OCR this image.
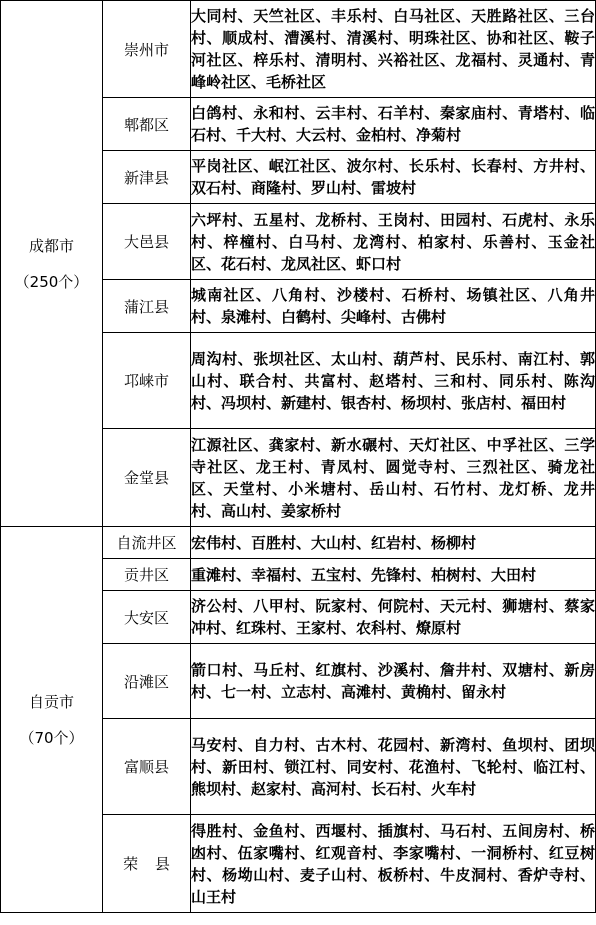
成都市
（250个）	崇州市	大同村、天竺社区、丰乐村、白马社区、天胜路社区、三台村、顺成村、漕溪村、清溪村、明珠社区、协和社区、鞍子河社区、梓乐村、清明村、兴裕社区、龙福村、灵通村、青峰岭社区、毛桥社区
	郫都区	白鸽村、永和村、云丰村、石羊村、秦家庙村、青塔村、临石村、千大村、大云村、金柏村、净菊村
	新津县	平岗社区、岷江社区、波尔村、长乐村、长春村、方井村、双石村、商隆村、罗山村、雷坡村
	大邑县	六坪村、五星村、龙桥村、王岗村、田园村、石虎村、永乐村、梓橦村、白马村、龙湾村、柏家村、乐善村、玉金社区、花石村、龙凤社区、虾口村
	蒲江县	城南社区、八角村、沙楼村、石桥村、场镇社区、八角井村、泉滩村、白鹤村、尖峰村、古佛村
	邛崃市	周沟村、张坝社区、太山村、葫芦村、民乐村、南江村、郭山村、联合村、共富村、赵塔村、三和村、同乐村、陈沟村、冯坝村、新建村、银杏村、杨坝村、张店村、福田村
	金堂县	江源社区、龚家村、新水碾村、天灯社区、中孚社区、三学寺社区、龙王村、青凤村、圆觉寺村、三烈社区、骑龙社区、天堂村、小米塘村、岳山村、石竹村、龙灯桥、龙井村、高山村、姜家桥村
自贡市
（70个）	自流井区	宏伟村、百胜村、大山村、红岩村、杨柳村
	贡井区	重滩村、幸福村、五宝村、先锋村、柏树村、大田村
	大安区	济公村、八甲村、阮家村、何院村、天元村、狮塘村、蔡家冲村、红珠村、王家村、农科村、燎原村
	沿滩区	箭口村、马丘村、红旗村、沙溪村、詹井村、双塘村、新房村、七一村、立志村、高滩村、黄桷村、留永村
	富顺县	马安村、自力村、古木村、花园村、新湾村、鱼坝村、团坝村、新田村、锁江村、同安村、花渔村、飞轮村、临江村、熊坝村、赵家村、高河村、长石村、火车村
	荣 县	得胜村、金鱼村、西堰村、插旗村、马石村、五间房村、桥凼村、伍家嘴村、红观音村、李家嘴村、一洞桥村、红豆树村、杨坳山村、麦子山村、板桥村、牛皮洞村、香炉寺村、山王村
